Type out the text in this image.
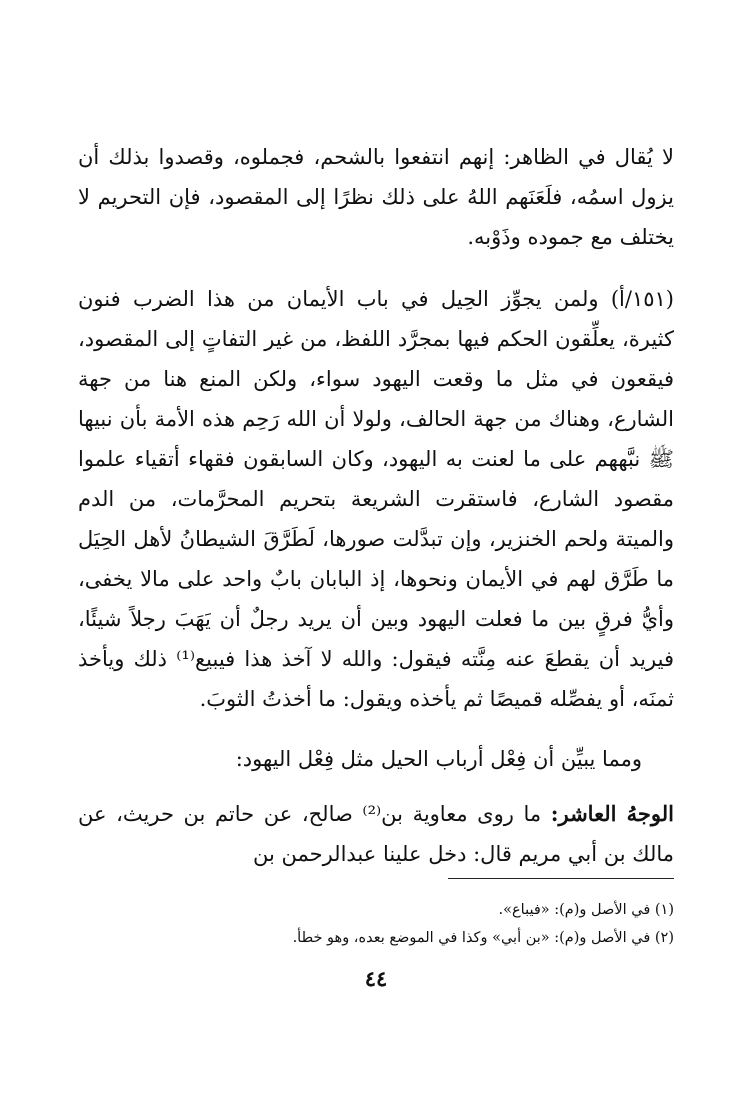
لا يُقال في الظاهر: إنهم انتفعوا بالشحم، فجملوه، وقصدوا بذلك أن يزول اسمُه، فلَعَنَهم اللهُ على ذلك نظرًا إلى المقصود، فإن التحريم لا يختلف مع جموده وذَوْبه.

(١٥١/أ) ولمن يجوِّز الحِيل في باب الأيمان من هذا الضرب فنون كثيرة، يعلِّقون الحكم فيها بمجرَّد اللفظ، من غير التفاتٍ إلى المقصود، فيقعون في مثل ما وقعت اليهود سواء، ولكن المنع هنا من جهة الشارع، وهناك من جهة الحالف، ولولا أن الله رَحِم هذه الأمة بأن نبيها ﷺ نبَّههم على ما لعنت به اليهود، وكان السابقون فقهاء أتقياء علموا مقصود الشارع، فاستقرت الشريعة بتحريم المحرَّمات، من الدم والميتة ولحم الخنزير، وإن تبدَّلت صورها، لَطَرَّقَ الشيطانُ لأهل الحِيَل ما طَرَّق لهم في الأيمان ونحوها، إذ البابان بابٌ واحد على مالا يخفى، وأيُّ فرقٍ بين ما فعلت اليهود وبين أن يريد رجلٌ أن يَهَبَ رجلاً شيئًا، فيريد أن يقطعَ عنه مِنَّته فيقول: والله لا آخذ هذا فيبيع⁽¹⁾ ذلك ويأخذ ثمنَه، أو يفصِّله قميصًا ثم يأخذه ويقول: ما أخذتُ الثوبَ.

ومما يبيِّن أن فِعْل أرباب الحيل مثل فِعْل اليهود:

الوجهُ العاشر: ما روى معاوية بن⁽²⁾ صالح، عن حاتم بن حريث، عن مالك بن أبي مريم قال: دخل علينا عبدالرحمن بن

(١) في الأصل و(م): «فيباع».
(٢) في الأصل و(م): «بن أبي» وكذا في الموضع بعده، وهو خطأ.
٤٤
